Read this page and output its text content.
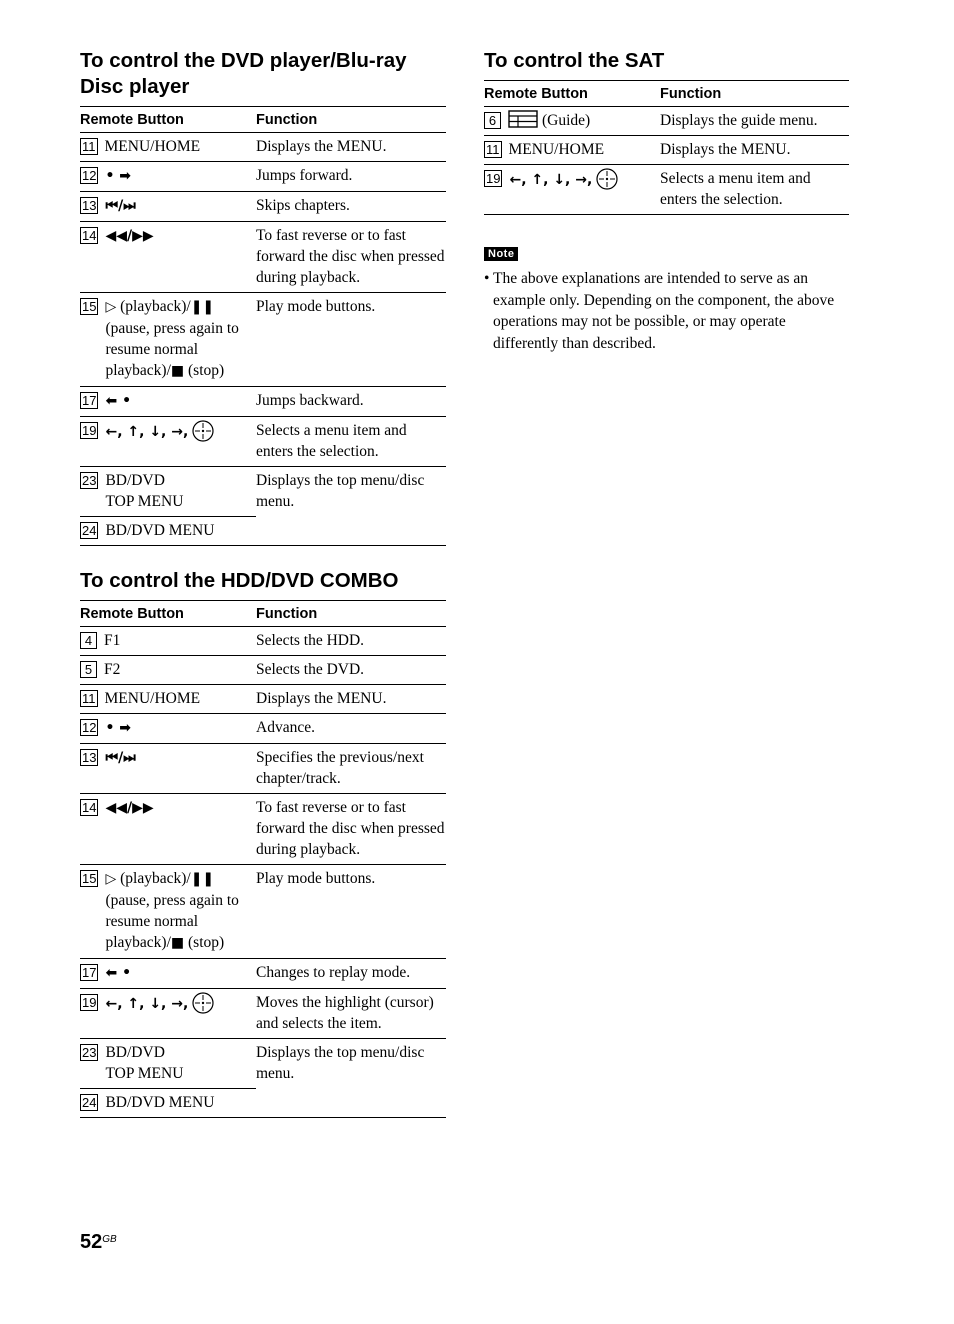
To control the DVD player/Blu-ray
Disc player
Remote Button	Function

11 MENU/HOME	Displays the MENU.

12 • ➡	Jumps forward.

13 ⏮/⏭	Skips chapters.

14 ◀◀/▶▶	To fast reverse or to fast forward the disc when pressed during playback.

15 ▷ (playback)/❚❚ (pause, press again to resume normal playback)/■ (stop)	Play mode buttons.

17 ⬅ •	Jumps backward.

19 ←, ↑, ↓, →,	Selects a menu item and enters the selection.

23 BD/DVD
TOP MENU	Displays the top menu/disc menu.

24 BD/DVD MENU	
To control the HDD/DVD COMBO
Remote Button	Function

4 F1	Selects the HDD.

5 F2	Selects the DVD.

11 MENU/HOME	Displays the MENU.

12 • ➡	Advance.

13 ⏮/⏭	Specifies the previous/next chapter/track.

14 ◀◀/▶▶	To fast reverse or to fast forward the disc when pressed during playback.

15 ▷ (playback)/❚❚ (pause, press again to resume normal playback)/■ (stop)	Play mode buttons.

17 ⬅ •	Changes to replay mode.

19 ←, ↑, ↓, →,	Moves the highlight (cursor) and selects the item.

23 BD/DVD
TOP MENU	Displays the top menu/disc menu.

24 BD/DVD MENU	
To control the SAT
Remote Button	Function

6 (Guide)	Displays the guide menu.

11 MENU/HOME	Displays the MENU.

19 ←, ↑, ↓, →,	Selects a menu item and enters the selection.
Note

• The above explanations are intended to serve as an example only. Depending on the component, the above operations may not be possible, or may operate differently than described.

$52^{GB}$
